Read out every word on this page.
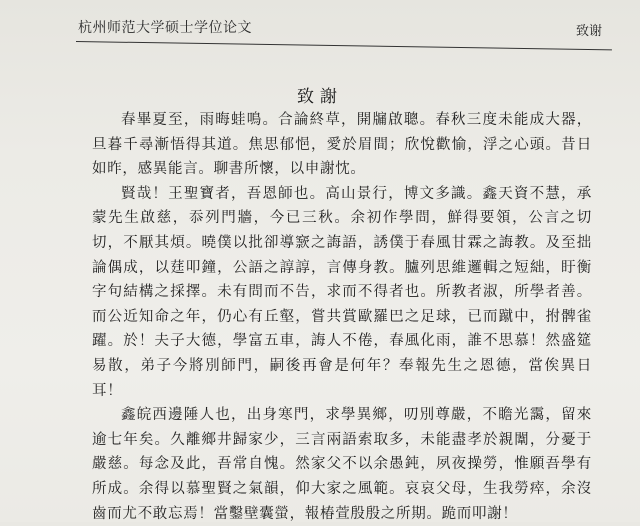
杭州师范大学硕士学位论文	致谢
致謝

春畢夏至，雨晦蛙鳴。合論終草，開牖啟聰。春秋三度未能成大器，旦暮千尋漸悟得其道。焦思郁悒，愛於眉間；欣悅歡愉，浮之心頭。昔日如昨，感異能言。聊書所懷，以申謝忱。

賢哉！王聖寶者，吾恩師也。高山景行，博文多識。鑫天資不慧，承蒙先生啟慈，忝列門牆，今已三秋。余初作學問，鮮得要領，公言之切切，不厭其煩。曉僕以批卻導窾之誨語，誘僕于春風甘霖之誨教。及至拙論偶成，以莛叩鐘，公語之諄諄，言傳身教。臚列思維邏輯之短絀，盱衡字句結構之採擇。未有問而不告，求而不得者也。所教者淑，所學者善。而公近知命之年，仍心有丘壑，嘗共賞歐羅巴之足球，已而蹴中，拊髀雀躍。於！夫子大德，學富五車，誨人不倦，春風化雨，誰不思慕！然盛筵易散，弟子今將別師門，嗣後再會是何年？奉報先生之恩德，當俟異日耳！

鑫皖西邊陲人也，出身寒門，求學異鄉，叨別尊嚴，不瞻光靄，留來逾七年矣。久離鄉井歸家少，三言兩語索取多，未能盡孝於親闈，分憂于嚴慈。每念及此，吾常自愧。然家父不以余愚鈍，夙夜操勞，惟願吾學有所成。余得以慕聖賢之氣韻，仰大家之風範。哀哀父母，生我勞瘁，余沒齒而尤不敢忘焉！當鑿壁囊螢，報椿萱殷殷之所期。跪而叩謝！
